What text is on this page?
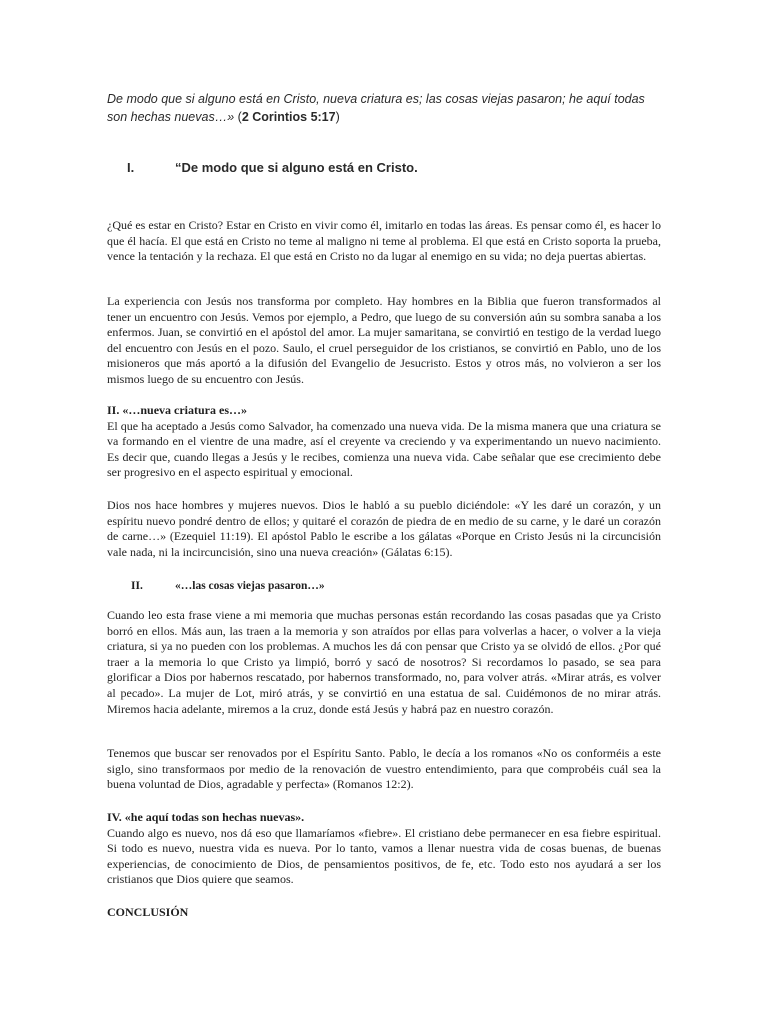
De modo que si alguno está en Cristo, nueva criatura es; las cosas viejas pasaron; he aquí todas son hechas nuevas…» (2 Corintios 5:17)
I.	“De modo que si alguno está en Cristo.

¿Qué es estar en Cristo? Estar en Cristo en vivir como él, imitarlo en todas las áreas. Es pensar como él, es hacer lo que él hacía. El que está en Cristo no teme al maligno ni teme al problema. El que está en Cristo soporta la prueba, vence la tentación y la rechaza. El que está en Cristo no da lugar al enemigo en su vida; no deja puertas abiertas.

La experiencia con Jesús nos transforma por completo. Hay hombres en la Biblia que fueron transformados al tener un encuentro con Jesús. Vemos por ejemplo, a Pedro, que luego de su conversión aún su sombra sanaba a los enfermos. Juan, se convirtió en el apóstol del amor. La mujer samaritana, se convirtió en testigo de la verdad luego del encuentro con Jesús en el pozo. Saulo, el cruel perseguidor de los cristianos, se convirtió en Pablo, uno de los misioneros que más aportó a la difusión del Evangelio de Jesucristo. Estos y otros más, no volvieron a ser los mismos luego de su encuentro con Jesús.

II. «…nueva criatura es…»
El que ha aceptado a Jesús como Salvador, ha comenzado una nueva vida. De la misma manera que una criatura se va formando en el vientre de una madre, así el creyente va creciendo y va experimentando un nuevo nacimiento. Es decir que, cuando llegas a Jesús y le recibes, comienza una nueva vida. Cabe señalar que ese crecimiento debe ser progresivo en el aspecto espiritual y emocional.

Dios nos hace hombres y mujeres nuevos. Dios le habló a su pueblo diciéndole: «Y les daré un corazón, y un espíritu nuevo pondré dentro de ellos; y quitaré el corazón de piedra de en medio de su carne, y le daré un corazón de carne…» (Ezequiel 11:19). El apóstol Pablo le escribe a los gálatas «Porque en Cristo Jesús ni la circuncisión vale nada, ni la incircuncisión, sino una nueva creación» (Gálatas 6:15).

II.	«…las cosas viejas pasaron…»

Cuando leo esta frase viene a mi memoria que muchas personas están recordando las cosas pasadas que ya Cristo borró en ellos. Más aun, las traen a la memoria y son atraídos por ellas para volverlas a hacer, o volver a la vieja criatura, si ya no pueden con los problemas. A muchos les dá con pensar que Cristo ya se olvidó de ellos. ¿Por qué traer a la memoria lo que Cristo ya limpió, borró y sacó de nosotros? Si recordamos lo pasado, se sea para glorificar a Dios por habernos rescatado, por habernos transformado, no, para volver atrás. «Mirar atrás, es volver al pecado». La mujer de Lot, miró atrás, y se convirtió en una estatua de sal. Cuidémonos de no mirar atrás. Miremos hacia adelante, miremos a la cruz, donde está Jesús y habrá paz en nuestro corazón.

Tenemos que buscar ser renovados por el Espíritu Santo. Pablo, le decía a los romanos «No os conforméis a este siglo, sino transformaos por medio de la renovación de vuestro entendimiento, para que comprobéis cuál sea la buena voluntad de Dios, agradable y perfecta» (Romanos 12:2).

IV. «he aquí todas son hechas nuevas».
Cuando algo es nuevo, nos dá eso que llamaríamos «fiebre». El cristiano debe permanecer en esa fiebre espiritual. Si todo es nuevo, nuestra vida es nueva. Por lo tanto, vamos a llenar nuestra vida de cosas buenas, de buenas experiencias, de conocimiento de Dios, de pensamientos positivos, de fe, etc. Todo esto nos ayudará a ser los cristianos que Dios quiere que seamos.
CONCLUSIÓN
